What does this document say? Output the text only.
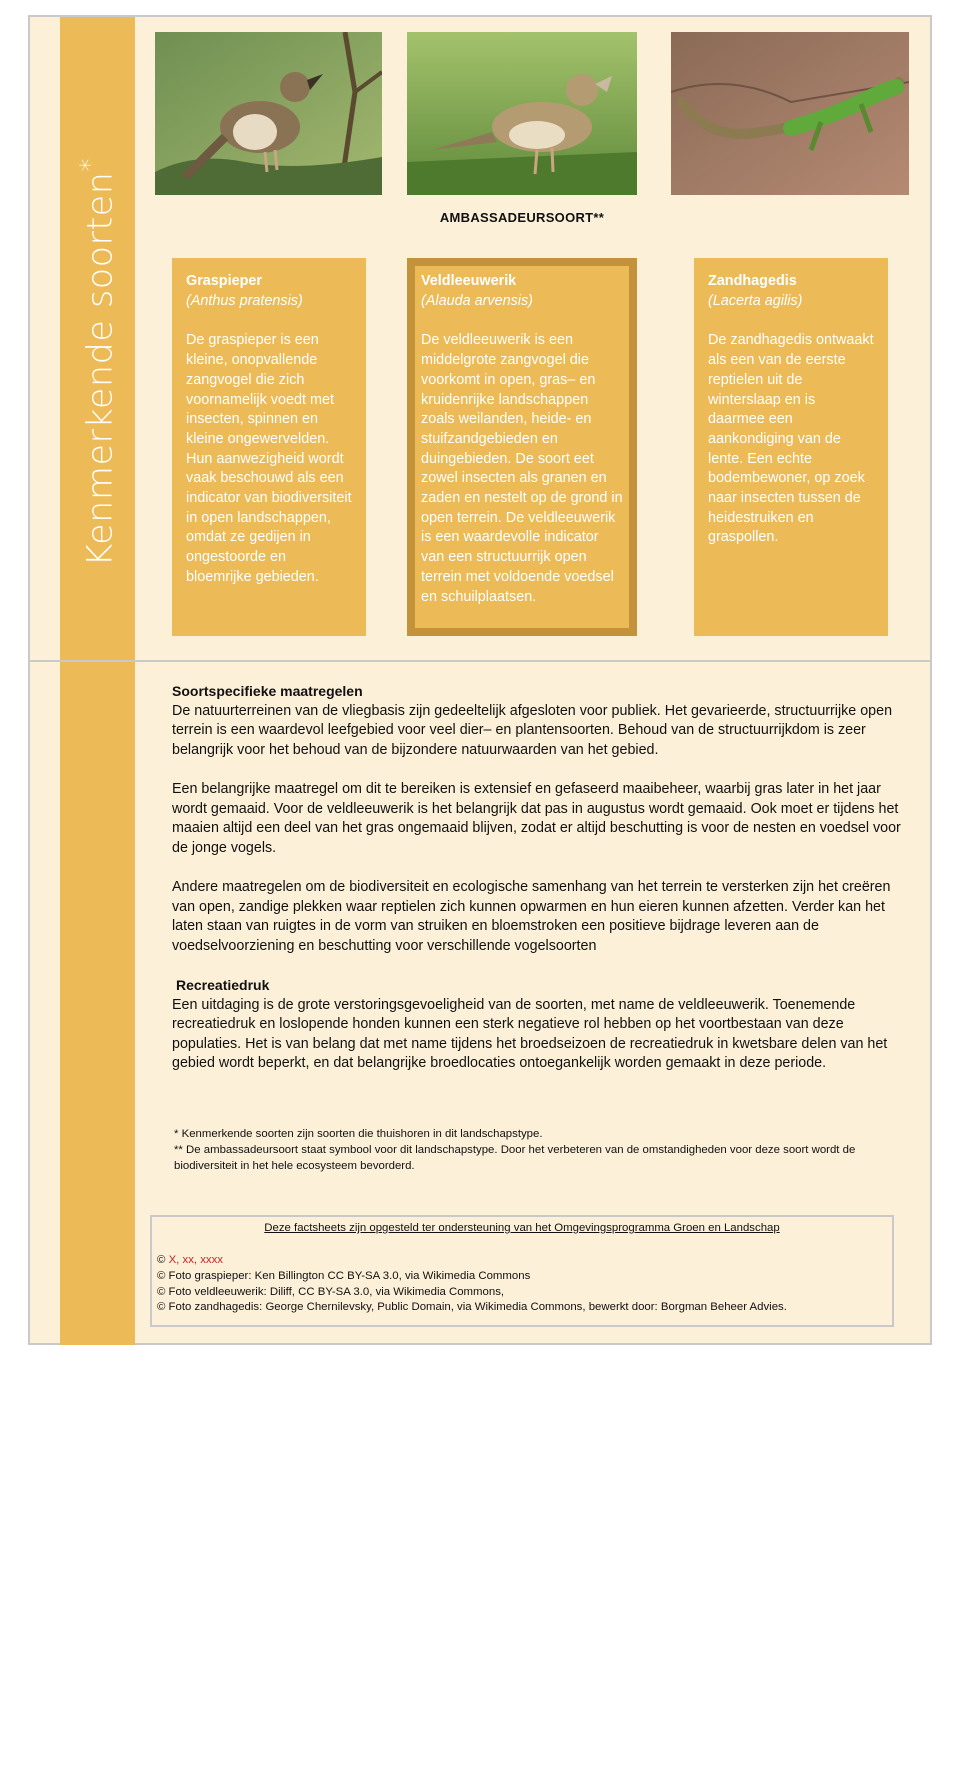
Kenmerkende soorten*
Ecologie
AMBASSADEURSOORT**
Graspieper
(Anthus pratensis)
De graspieper is een kleine, onopvallende zangvogel die zich voornamelijk voedt met insecten, spinnen en kleine ongewervelden. Hun aanwezigheid wordt vaak beschouwd als een indicator van biodiversiteit in open landschappen, omdat ze gedijen in ongestoorde en bloemrijke gebieden.
Veldleeuwerik
(Alauda arvensis)
De veldleeuwerik is een middelgrote zangvogel die voorkomt in open, gras– en kruidenrijke landschappen zoals weilanden, heide- en stuifzandgebieden en duingebieden. De soort eet zowel insecten als granen en zaden en nestelt op de grond in open terrein. De veldleeuwerik is een waardevolle indicator van een structuurrijk open terrein met voldoende voedsel en schuilplaatsen.
Zandhagedis
(Lacerta agilis)
De zandhagedis ontwaakt als een van de eerste reptielen uit de winterslaap en is daarmee een aankondiging van de lente. Een echte bodembewoner, op zoek naar insecten tussen de heidestruiken en graspollen.
Soortspecifieke maatregelen

De natuurterreinen van de vliegbasis zijn gedeeltelijk afgesloten voor publiek. Het gevarieerde, structuurrijke open terrein is een waardevol leefgebied voor veel dier– en plantensoorten. Behoud van de structuurrijkdom is zeer belangrijk voor het behoud van de bijzondere natuurwaarden van het gebied.

Een belangrijke maatregel om dit te bereiken is extensief en gefaseerd maaibeheer, waarbij gras later in het jaar wordt gemaaid. Voor de veldleeuwerik is het belangrijk dat pas in augustus wordt gemaaid. Ook moet er tijdens het maaien altijd een deel van het gras ongemaaid blijven, zodat er altijd beschutting is voor de nesten en voedsel voor de jonge vogels.

Andere maatregelen om de biodiversiteit en ecologische samenhang van het terrein te versterken zijn het creëren van open, zandige plekken waar reptielen zich kunnen opwarmen en hun eieren kunnen afzetten. Verder kan het laten staan van ruigtes in de vorm van struiken en bloemstroken een positieve bijdrage leveren aan de voedselvoorziening en beschutting voor verschillende vogelsoorten

Recreatiedruk

Een uitdaging is de grote verstoringsgevoeligheid van de soorten, met name de veldleeuwerik. Toenemende recreatiedruk en loslopende honden kunnen een sterk negatieve rol hebben op het voortbestaan van deze populaties. Het is van belang dat met name tijdens het broedseizoen de recreatiedruk in kwetsbare delen van het gebied wordt beperkt, en dat belangrijke broedlocaties ontoegankelijk worden gemaakt in deze periode.

* Kenmerkende soorten zijn soorten die thuishoren in dit landschapstype.
** De ambassadeursoort staat symbool voor dit landschapstype. Door het verbeteren van de omstandigheden voor deze soort wordt de biodiversiteit in het hele ecosysteem bevorderd.
Deze factsheets zijn opgesteld ter ondersteuning van het Omgevingsprogramma Groen en Landschap
© X, xx, xxxx
© Foto graspieper: Ken Billington CC BY-SA 3.0, via Wikimedia Commons
© Foto veldleeuwerik: Diliff, CC BY-SA 3.0, via Wikimedia Commons,
© Foto zandhagedis: George Chernilevsky, Public Domain, via Wikimedia Commons, bewerkt door: Borgman Beheer Advies.
